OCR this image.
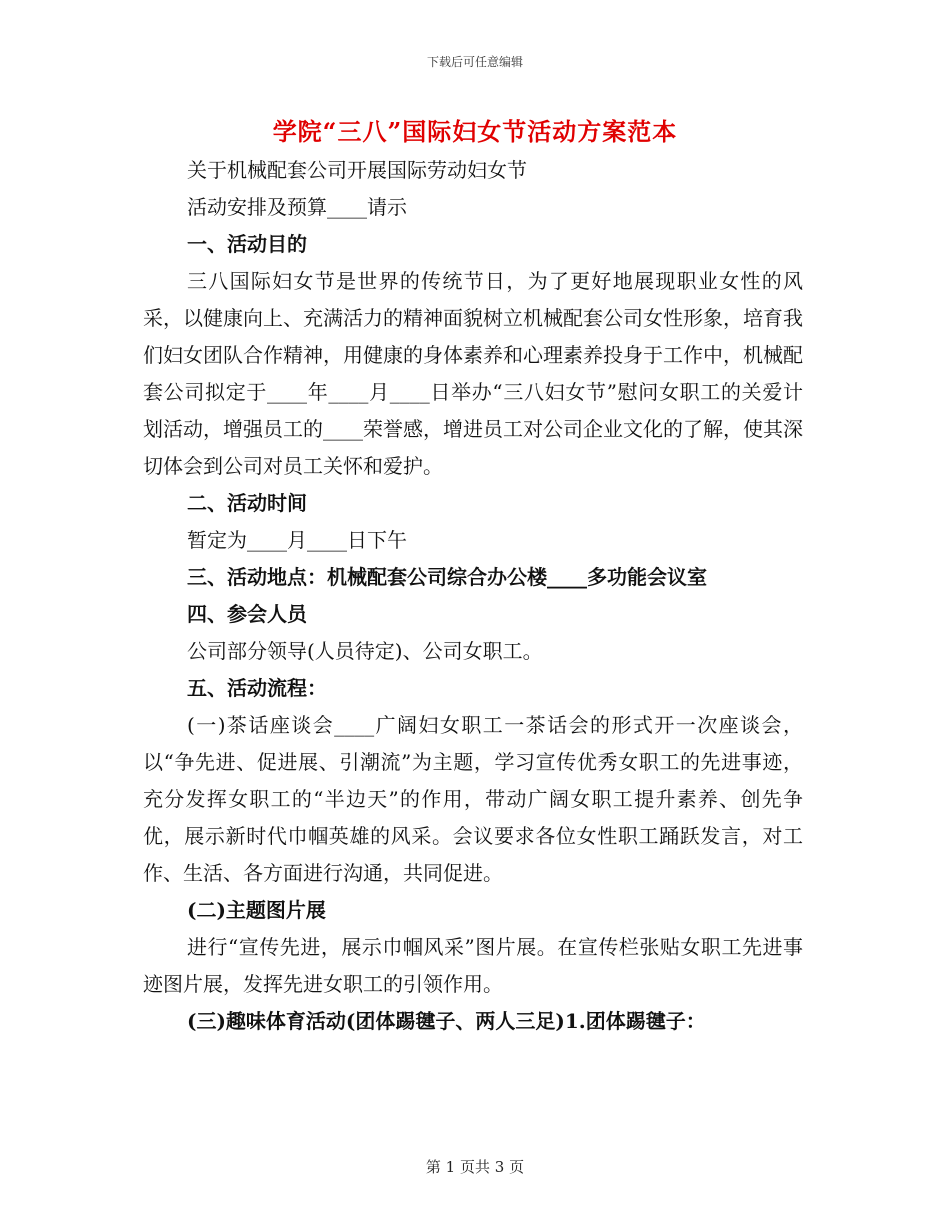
下载后可任意编辑
学院“三八”国际妇女节活动方案范本
关于机械配套公司开展国际劳动妇女节
活动安排及预算____请示
一、活动目的

三八国际妇女节是世界的传统节日，为了更好地展现职业女性的风采，以健康向上、充满活力的精神面貌树立机械配套公司女性形象，培育我们妇女团队合作精神，用健康的身体素养和心理素养投身于工作中，机械配套公司拟定于____年____月____日举办“三八妇女节”慰问女职工的关爱计划活动，增强员工的____荣誉感，增进员工对公司企业文化的了解，使其深切体会到公司对员工关怀和爱护。

二、活动时间
暂定为____月____日下午
三、活动地点：机械配套公司综合办公楼____多功能会议室
四、参会人员
公司部分领导(人员待定)、公司女职工。
五、活动流程：

(一)茶话座谈会____广阔妇女职工一茶话会的形式开一次座谈会，以“争先进、促进展、引潮流”为主题，学习宣传优秀女职工的先进事迹，充分发挥女职工的“半边天”的作用，带动广阔女职工提升素养、创先争优，展示新时代巾帼英雄的风采。会议要求各位女性职工踊跃发言，对工作、生活、各方面进行沟通，共同促进。

(二)主题图片展

进行“宣传先进，展示巾帼风采”图片展。在宣传栏张贴女职工先进事迹图片展，发挥先进女职工的引领作用。

(三)趣味体育活动(团体踢毽子、两人三足)1.团体踢毽子：
第 1 页共 3 页
